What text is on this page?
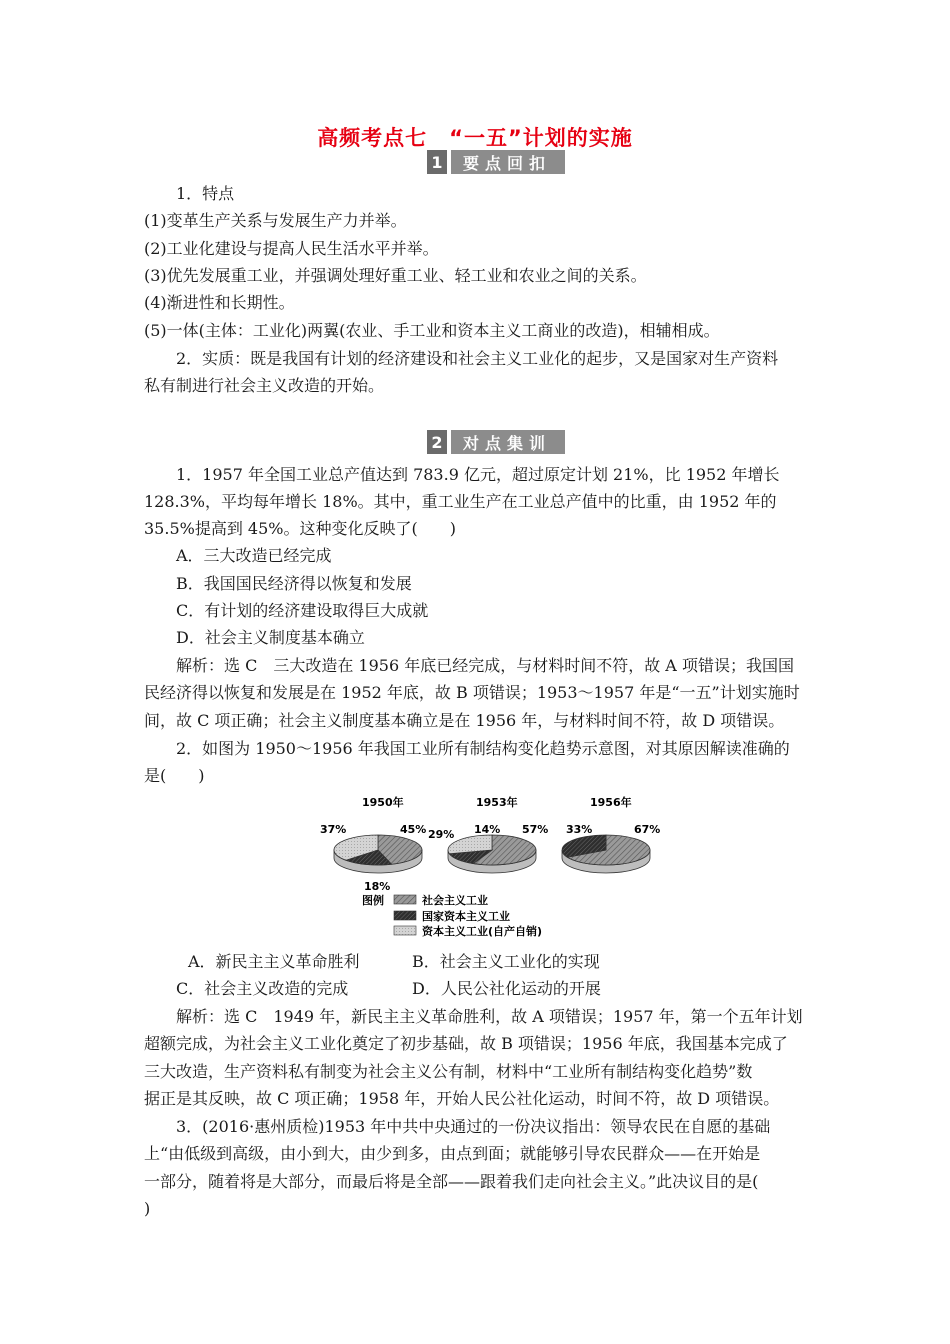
高频考点七　“一五”计划的实施
1	要点回扣
1．特点
(1)变革生产关系与发展生产力并举。
(2)工业化建设与提高人民生活水平并举。
(3)优先发展重工业，并强调处理好重工业、轻工业和农业之间的关系。
(4)渐进性和长期性。
(5)一体(主体：工业化)两翼(农业、手工业和资本主义工商业的改造)，相辅相成。
2．实质：既是我国有计划的经济建设和社会主义工业化的起步，又是国家对生产资料
私有制进行社会主义改造的开始。
2	对点集训
1．1957 年全国工业总产值达到 783.9 亿元，超过原定计划 21%，比 1952 年增长
128.3%，平均每年增长 18%。其中，重工业生产在工业总产值中的比重，由 1952 年的
35.5%提高到 45%。这种变化反映了(　　)
A．三大改造已经完成
B．我国国民经济得以恢复和发展
C．有计划的经济建设取得巨大成就
D．社会主义制度基本确立
解析：选 C　三大改造在 1956 年底已经完成，与材料时间不符，故 A 项错误；我国国
民经济得以恢复和发展是在 1952 年底，故 B 项错误；1953～1957 年是“一五”计划实施时
间，故 C 项正确；社会主义制度基本确立是在 1956 年，与材料时间不符，故 D 项错误。
2．如图为 1950～1956 年我国工业所有制结构变化趋势示意图，对其原因解读准确的
是(　　)
1950年
45%
18%
37%
1953年
57%
14%
29%
1956年
67%
33%
图例	社会主义工业
国家资本主义工业
资本主义工业(自产自销)
A．新民主主义革命胜利	B．社会主义工业化的实现
C．社会主义改造的完成	D．人民公社化运动的开展
解析：选 C　1949 年，新民主主义革命胜利，故 A 项错误；1957 年，第一个五年计划
超额完成，为社会主义工业化奠定了初步基础，故 B 项错误；1956 年底，我国基本完成了
三大改造，生产资料私有制变为社会主义公有制，材料中“工业所有制结构变化趋势”数
据正是其反映，故 C 项正确；1958 年，开始人民公社化运动，时间不符，故 D 项错误。
3．(2016·惠州质检)1953 年中共中央通过的一份决议指出：领导农民在自愿的基础
上“由低级到高级，由小到大，由少到多，由点到面；就能够引导农民群众——在开始是
一部分，随着将是大部分，而最后将是全部——跟着我们走向社会主义。”此决议目的是(
)
